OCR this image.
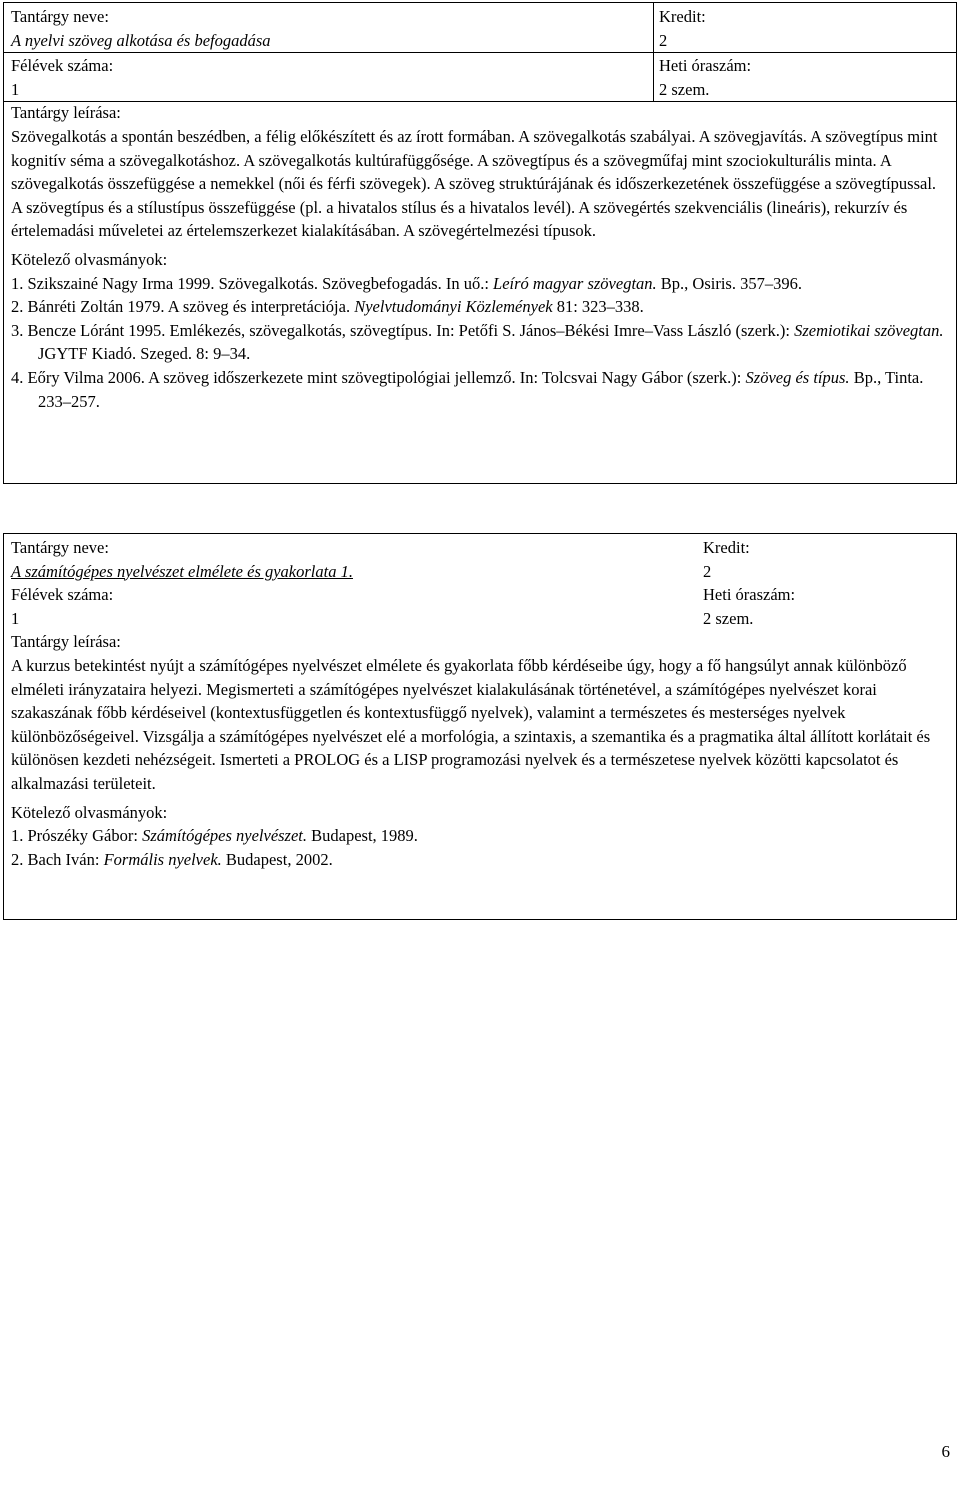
Tantárgy neve:
A nyelvi szöveg alkotása és befogadása
Félévek száma:
1
Kredit:
2
Heti óraszám:
2 szem.
Tantárgy leírása:
Szövegalkotás a spontán beszédben, a félig előkészített és az írott formában. A szövegalkotás szabályai. A szövegjavítás. A szövegtípus mint kognitív séma a szövegalkotáshoz. A szövegalkotás kultúrafüggősége. A szövegtípus és a szövegműfaj mint szociokulturális minta. A szövegalkotás összefüggése a nemekkel (női és férfi szövegek). A szöveg struktúrájának és időszerkezetének összefüggése a szövegtípussal. A szövegtípus és a stílustípus összefüggése (pl. a hivatalos stílus és a hivatalos levél). A szövegértés szekvenciális (lineáris), rekurzív és értelemadási műveletei az értelemszerkezet kialakításában. A szövegértelmezési típusok.
Kötelező olvasmányok:
1. Szikszainé Nagy Irma 1999. Szövegalkotás. Szövegbefogadás. In uő.: Leíró magyar szövegtan. Bp., Osiris. 357–396.
2. Bánréti Zoltán 1979. A szöveg és interpretációja. Nyelvtudományi Közlemények 81: 323–338.
3. Bencze Lóránt 1995. Emlékezés, szövegalkotás, szövegtípus. In: Petőfi S. János–Békési Imre–Vass László (szerk.): Szemiotikai szövegtan. JGYTF Kiadó. Szeged. 8: 9–34.
4. Eőry Vilma 2006. A szöveg időszerkezete mint szövegtipológiai jellemző. In: Tolcsvai Nagy Gábor (szerk.): Szöveg és típus. Bp., Tinta. 233–257.
Tantárgy neve:
A számítógépes nyelvészet elmélete és gyakorlata 1.
Félévek száma:
1
Kredit:
2
Heti óraszám:
2 szem.
Tantárgy leírása:
A kurzus betekintést nyújt a számítógépes nyelvészet elmélete és gyakorlata főbb kérdéseibe úgy, hogy a fő hangsúlyt annak különböző elméleti irányzataira helyezi. Megismerteti a számítógépes nyelvészet kialakulásának történetével, a számítógépes nyelvészet korai szakaszának főbb kérdéseivel (kontextusfüggetlen és kontextusfüggő nyelvek), valamint a természetes és mesterséges nyelvek különbözőségeivel. Vizsgálja a számítógépes nyelvészet elé a morfológia, a szintaxis, a szemantika és a pragmatika által állított korlátait és különösen kezdeti nehézségeit. Ismerteti a PROLOG és a LISP programozási nyelvek és a természetese nyelvek közötti kapcsolatot és alkalmazási területeit.
Kötelező olvasmányok:
1. Prószéky Gábor: Számítógépes nyelvészet. Budapest, 1989.
2. Bach Iván: Formális nyelvek. Budapest, 2002.
6
